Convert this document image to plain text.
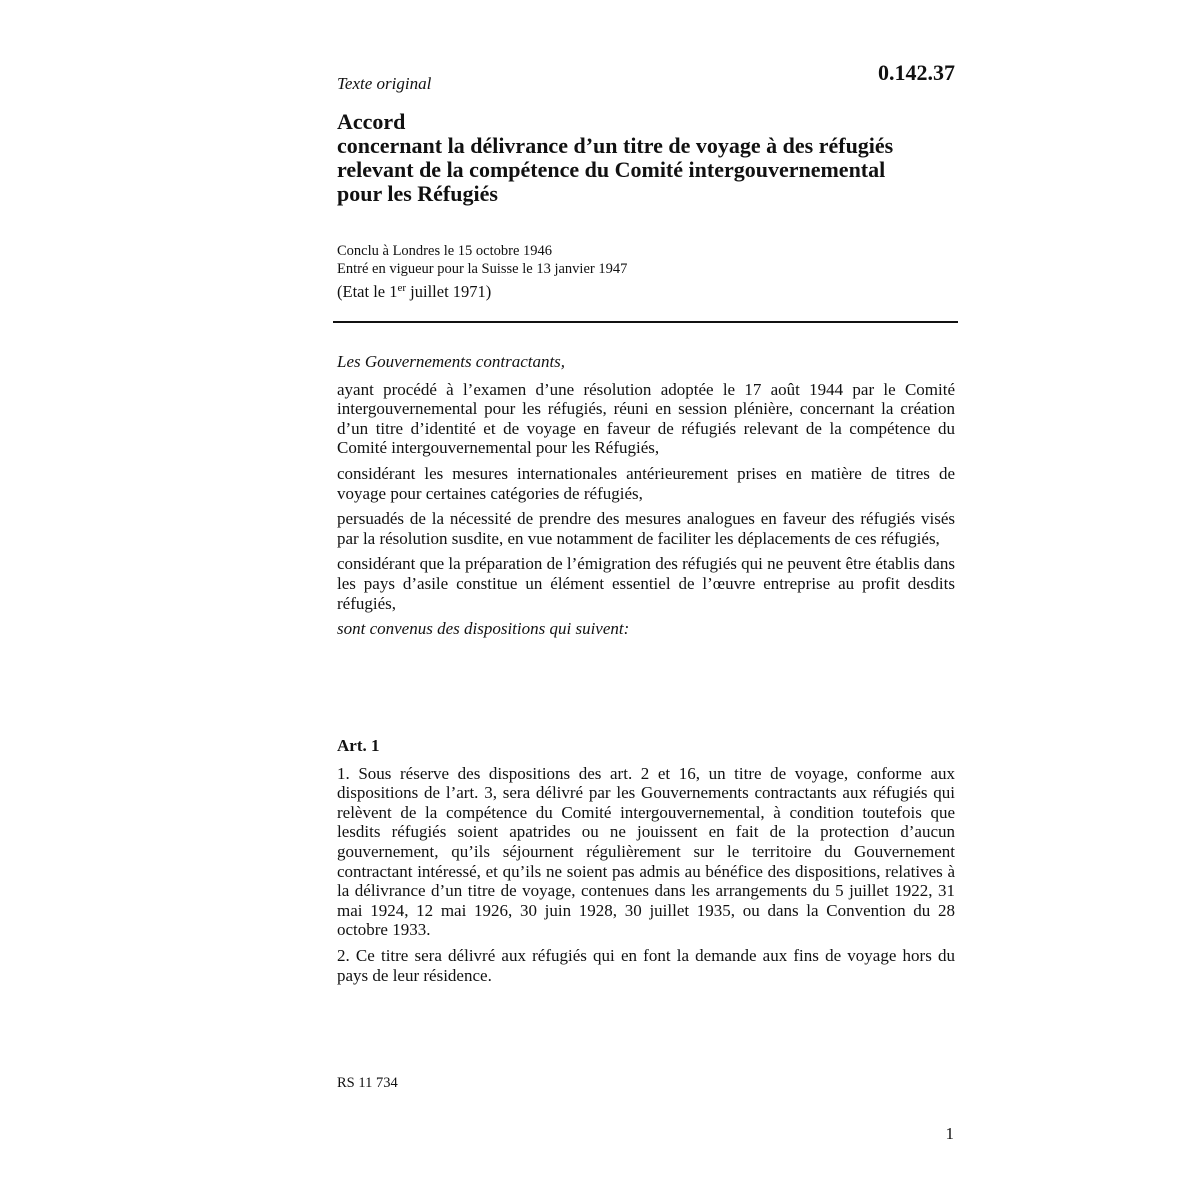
Texte original	0.142.37
Accord
concernant la délivrance d’un titre de voyage à des réfugiés
relevant de la compétence du Comité intergouvernemental
pour les Réfugiés
Conclu à Londres le 15 octobre 1946
Entré en vigueur pour la Suisse le 13 janvier 1947
(Etat le 1er juillet 1971)
Les Gouvernements contractants,

ayant procédé à l’examen d’une résolution adoptée le 17 août 1944 par le Comité intergouvernemental pour les réfugiés, réuni en session plénière, concernant la création d’un titre d’identité et de voyage en faveur de réfugiés relevant de la compétence du Comité intergouvernemental pour les Réfugiés,

considérant les mesures internationales antérieurement prises en matière de titres de voyage pour certaines catégories de réfugiés,

persuadés de la nécessité de prendre des mesures analogues en faveur des réfugiés visés par la résolution susdite, en vue notamment de faciliter les déplacements de ces réfugiés,

considérant que la préparation de l’émigration des réfugiés qui ne peuvent être établis dans les pays d’asile constitue un élément essentiel de l’œuvre entreprise au profit desdits réfugiés,

sont convenus des dispositions qui suivent:
Art. 1

1. Sous réserve des dispositions des art. 2 et 16, un titre de voyage, conforme aux dispositions de l’art. 3, sera délivré par les Gouvernements contractants aux réfugiés qui relèvent de la compétence du Comité intergouvernemental, à condition toutefois que lesdits réfugiés soient apatrides ou ne jouissent en fait de la protection d’aucun gouvernement, qu’ils séjournent régulièrement sur le territoire du Gouvernement contractant intéressé, et qu’ils ne soient pas admis au bénéfice des dispositions, relatives à la délivrance d’un titre de voyage, contenues dans les arrangements du 5 juillet 1922, 31 mai 1924, 12 mai 1926, 30 juin 1928, 30 juillet 1935, ou dans la Convention du 28 octobre 1933.

2. Ce titre sera délivré aux réfugiés qui en font la demande aux fins de voyage hors du pays de leur résidence.

RS 11 734
1
